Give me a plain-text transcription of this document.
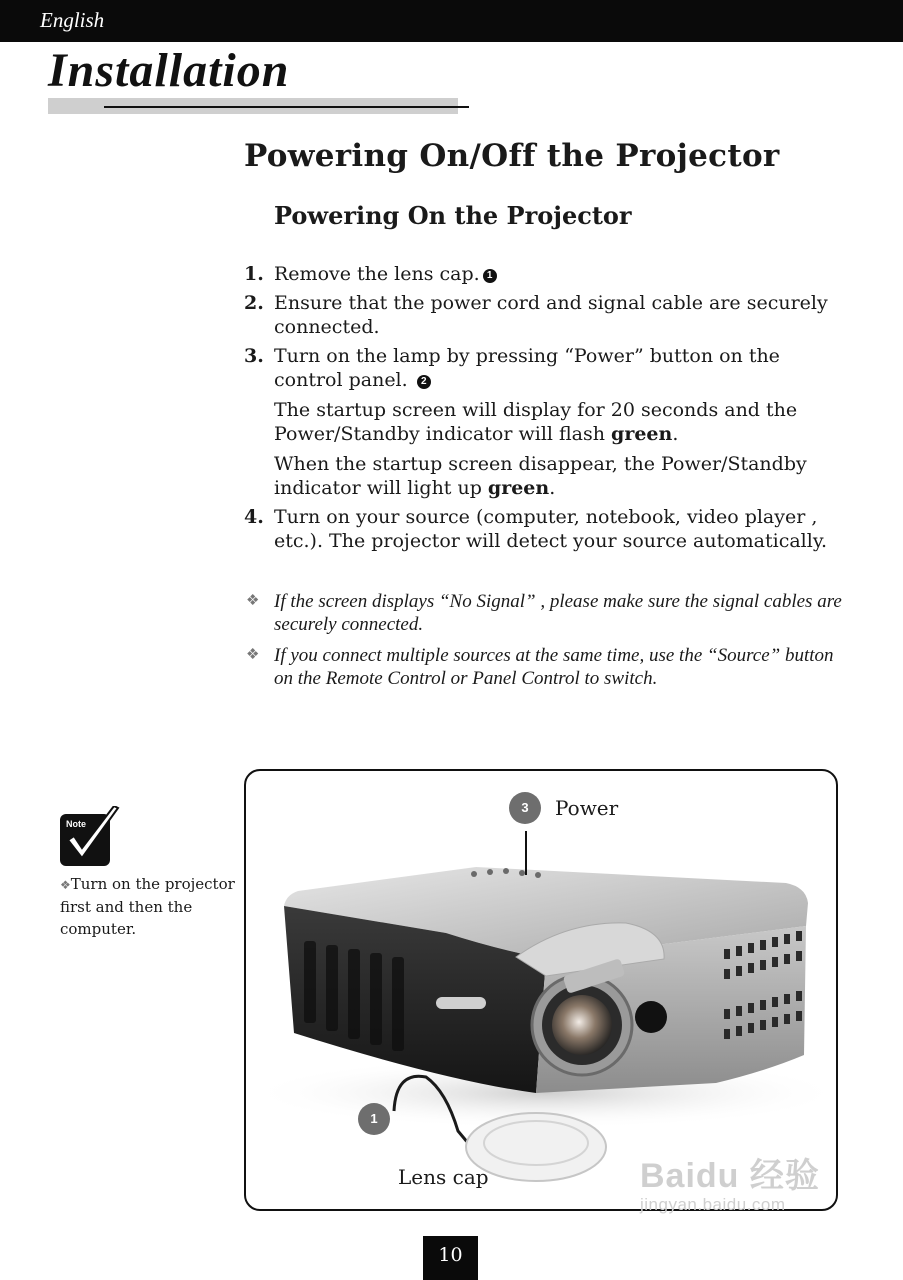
English
Installation
Powering On/Off the Projector
Powering On the Projector
1. Remove the lens cap. 1

2. Ensure that the power cord and signal cable are securely connected.

3. Turn on the lamp by pressing “Power” button on the control panel. 2

The startup screen will display for 20 seconds and the Power/Standby indicator will flash green.

When the startup screen disappear, the Power/Standby indicator will light up green.

4. Turn on your source (computer, notebook, video player , etc.). The projector will detect your source automatically.

❖ If the screen displays “No Signal” , please make sure the signal cables are securely connected.
❖ If you connect multiple sources at the same time, use the “Source” button on the Remote Control or Panel Control to switch.
Note
❖Turn on the projector first and then the computer.
3	Power
1
Lens cap	Baidu 经验
jingyan.baidu.com
10
